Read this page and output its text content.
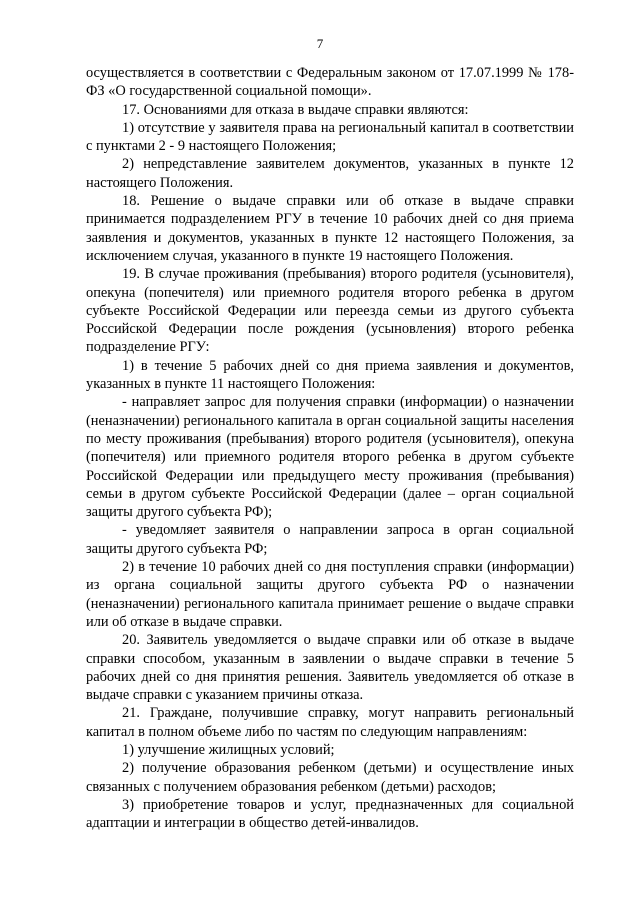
7

осуществляется в соответствии с Федеральным законом от 17.07.1999 № 178-ФЗ «О государственной социальной помощи».

17. Основаниями для отказа в выдаче справки являются:

1) отсутствие у заявителя права на региональный капитал в соответствии с пунктами 2 - 9 настоящего Положения;

2) непредставление заявителем документов, указанных в пункте 12 настоящего Положения.

18. Решение о выдаче справки или об отказе в выдаче справки принимается подразделением РГУ в течение 10 рабочих дней со дня приема заявления и документов, указанных в пункте 12 настоящего Положения, за исключением случая, указанного в пункте 19 настоящего Положения.

19. В случае проживания (пребывания) второго родителя (усыновителя), опекуна (попечителя) или приемного родителя второго ребенка в другом субъекте Российской Федерации или переезда семьи из другого субъекта Российской Федерации после рождения (усыновления) второго ребенка подразделение РГУ:

1) в течение 5 рабочих дней со дня приема заявления и документов, указанных в пункте 11 настоящего Положения:

- направляет запрос для получения справки (информации) о назначении (неназначении) регионального капитала в орган социальной защиты населения по месту проживания (пребывания) второго родителя (усыновителя), опекуна (попечителя) или приемного родителя второго ребенка в другом субъекте Российской Федерации или предыдущего месту проживания (пребывания) семьи в другом субъекте Российской Федерации (далее – орган социальной защиты другого субъекта РФ);

- уведомляет заявителя о направлении запроса в орган социальной защиты другого субъекта РФ;

2) в течение 10 рабочих дней со дня поступления справки (информации) из органа социальной защиты другого субъекта РФ о назначении (неназначении) регионального капитала принимает решение о выдаче справки или об отказе в выдаче справки.

20. Заявитель уведомляется о выдаче справки или об отказе в выдаче справки способом, указанным в заявлении о выдаче справки в течение 5 рабочих дней со дня принятия решения. Заявитель уведомляется об отказе в выдаче справки с указанием причины отказа.

21. Граждане, получившие справку, могут направить региональный капитал в полном объеме либо по частям по следующим направлениям:

1) улучшение жилищных условий;

2) получение образования ребенком (детьми) и осуществление иных связанных с получением образования ребенком (детьми) расходов;

3) приобретение товаров и услуг, предназначенных для социальной адаптации и интеграции в общество детей-инвалидов.
